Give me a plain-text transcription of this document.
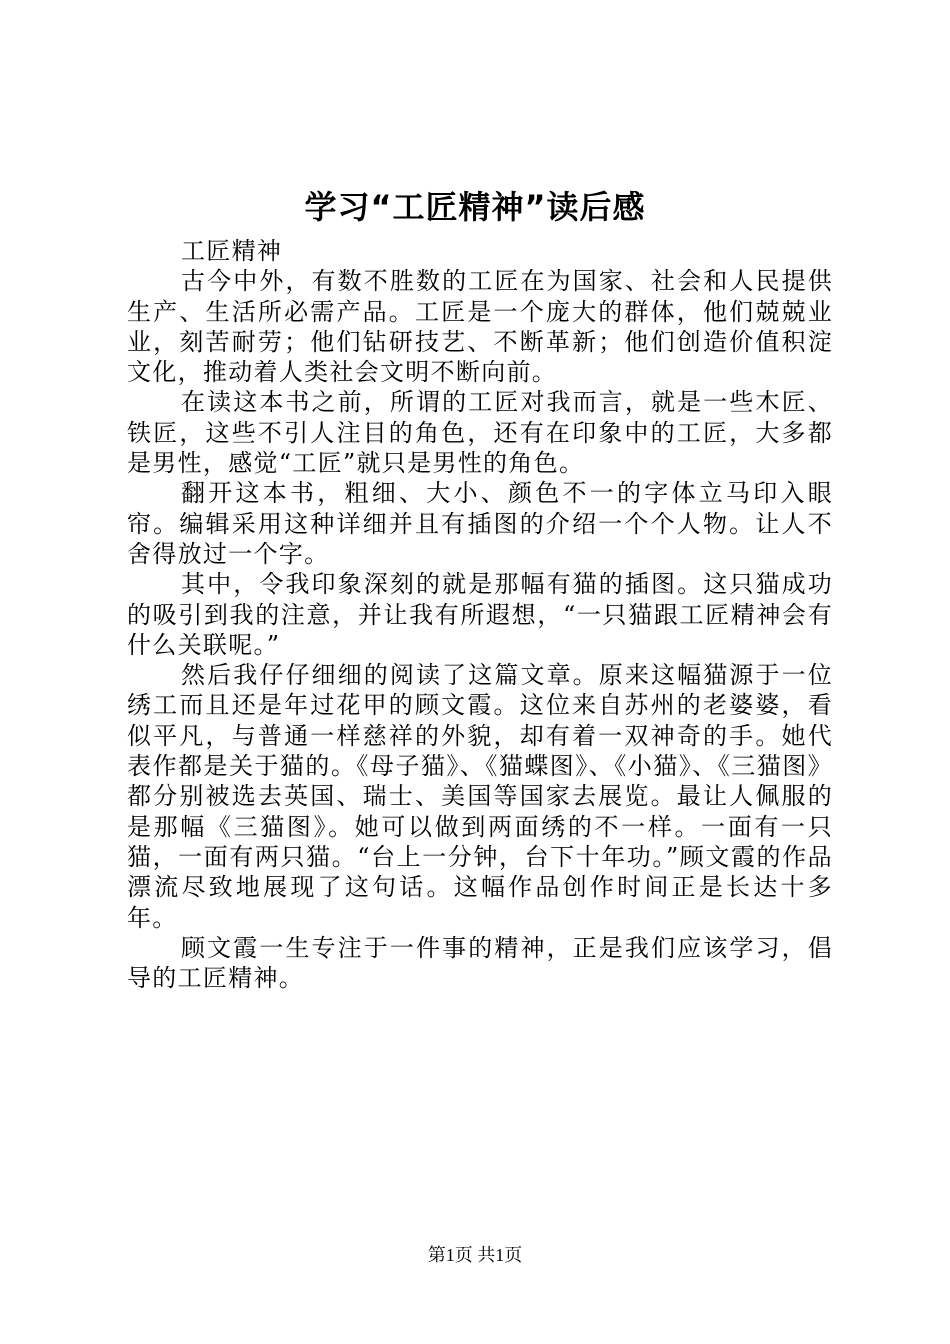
学习“工匠精神”读后感

工匠精神

古今中外，有数不胜数的工匠在为国家、社会和人民提供生产、生活所必需产品。工匠是一个庞大的群体，他们兢兢业业，刻苦耐劳；他们钻研技艺、不断革新；他们创造价值积淀文化，推动着人类社会文明不断向前。

在读这本书之前，所谓的工匠对我而言，就是一些木匠、铁匠，这些不引人注目的角色，还有在印象中的工匠，大多都是男性，感觉“工匠”就只是男性的角色。

翻开这本书，粗细、大小、颜色不一的字体立马印入眼帘。编辑采用这种详细并且有插图的介绍一个个人物。让人不舍得放过一个字。

其中，令我印象深刻的就是那幅有猫的插图。这只猫成功的吸引到我的注意，并让我有所遐想，“一只猫跟工匠精神会有什么关联呢。”

然后我仔仔细细的阅读了这篇文章。原来这幅猫源于一位绣工而且还是年过花甲的顾文霞。这位来自苏州的老婆婆，看似平凡，与普通一样慈祥的外貌，却有着一双神奇的手。她代表作都是关于猫的。《母子猫》、《猫蝶图》、《小猫》、《三猫图》都分别被选去英国、瑞士、美国等国家去展览。最让人佩服的是那幅《三猫图》。她可以做到两面绣的不一样。一面有一只猫，一面有两只猫。“台上一分钟，台下十年功。”顾文霞的作品漂流尽致地展现了这句话。这幅作品创作时间正是长达十多年。

顾文霞一生专注于一件事的精神，正是我们应该学习，倡导的工匠精神。

第1页 共1页
